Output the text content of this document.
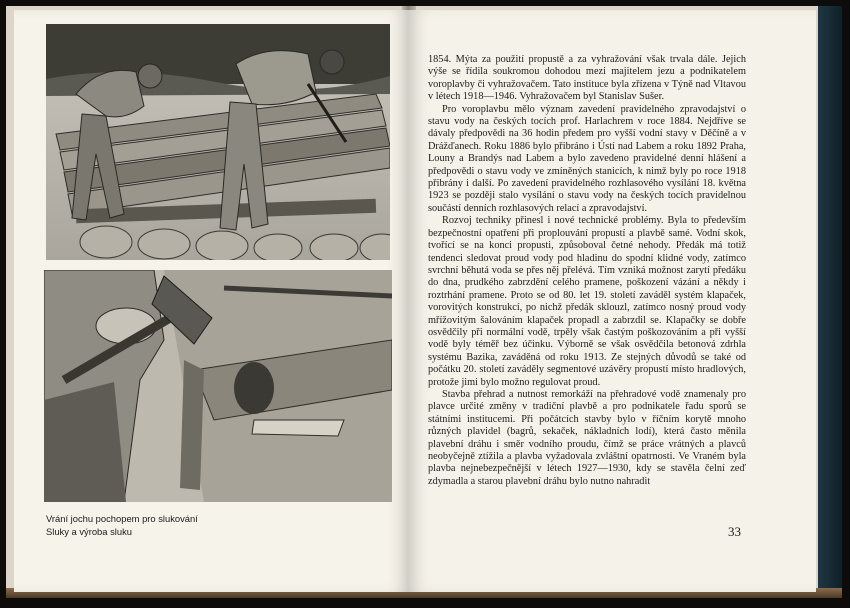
Vrání jochu pochopem pro slukování
Sluky a výroba sluku

1854. Mýta za použití propustě a za vyhražování však trvala dále. Jejich výše se řídila soukromou dohodou mezi majitelem jezu a podnikatelem voroplavby či vyhražovačem. Tato instituce byla zřízena v Týně nad Vltavou v létech 1918—1946. Vyhražovačem byl Stanislav Sušer.

Pro voroplavbu mělo význam zavedení pravidelného zpravodajství o stavu vody na českých tocích prof. Harlachrem v roce 1884. Nejdříve se dávaly předpovědi na 36 hodin předem pro vyšší vodní stavy v Děčíně a v Drážďanech. Roku 1886 bylo přibráno i Ústí nad Labem a roku 1892 Praha, Louny a Brandýs nad Labem a bylo zavedeno pravidelné denní hlášení a předpovědi o stavu vody ve zmíněných stanicích, k nimž byly po roce 1918 přibrány i další. Po zavedení pravidelného rozhlasového vysílání 18. května 1923 se později stalo vysílání o stavu vody na českých tocích pravidelnou součástí denních rozhlasových relací a zpravodajství.

Rozvoj techniky přinesl i nové technické problémy. Byla to především bezpečnostní opatření při proplouvání propustí a plavbě samé. Vodní skok, tvořící se na konci propusti, způsoboval četné nehody. Předák má totiž tendenci sledovat proud vody pod hladinu do spodní klidné vody, zatímco svrchní běhutá voda se přes něj přelévá. Tím vzniká možnost zarytí předáku do dna, prudkého zabrzdění celého pramene, poškození vázání a někdy i roztrhání pramene. Proto se od 80. let 19. století zaváděl systém klapaček, vorovitých konstrukcí, po nichž předák sklouzl, zatímco nosný proud vody mřížovitým šalováním klapaček propadl a zabrzdil se. Klapačky se dobře osvědčily při normální vodě, trpěly však častým poškozováním a při vyšší vodě byly téměř bez účinku. Výborně se však osvědčila betonová zdrhla systému Bazika, zaváděná od roku 1913. Ze stejných důvodů se také od počátku 20. století zaváděly segmentové uzávěry propustí místo hradlových, protože jimi bylo možno regulovat proud.

Stavba přehrad a nutnost remorkáží na přehradové vodě znamenaly pro plavce určité změny v tradiční plavbě a pro podnikatele řadu sporů se státními institucemi. Při počátcích stavby bylo v říčním korytě mnoho různých plavidel (bagrů, sekaček, nákladních lodí), která často měnila plavební dráhu i směr vodního proudu, čímž se práce vrátných a plavců neobyčejně ztížila a plavba vyžadovala zvláštní opatrnosti. Ve Vraném byla plavba nejnebezpečnější v létech 1927—1930, kdy se stavěla čelní zeď zdymadla a starou plavební dráhu bylo nutno nahradit

33
